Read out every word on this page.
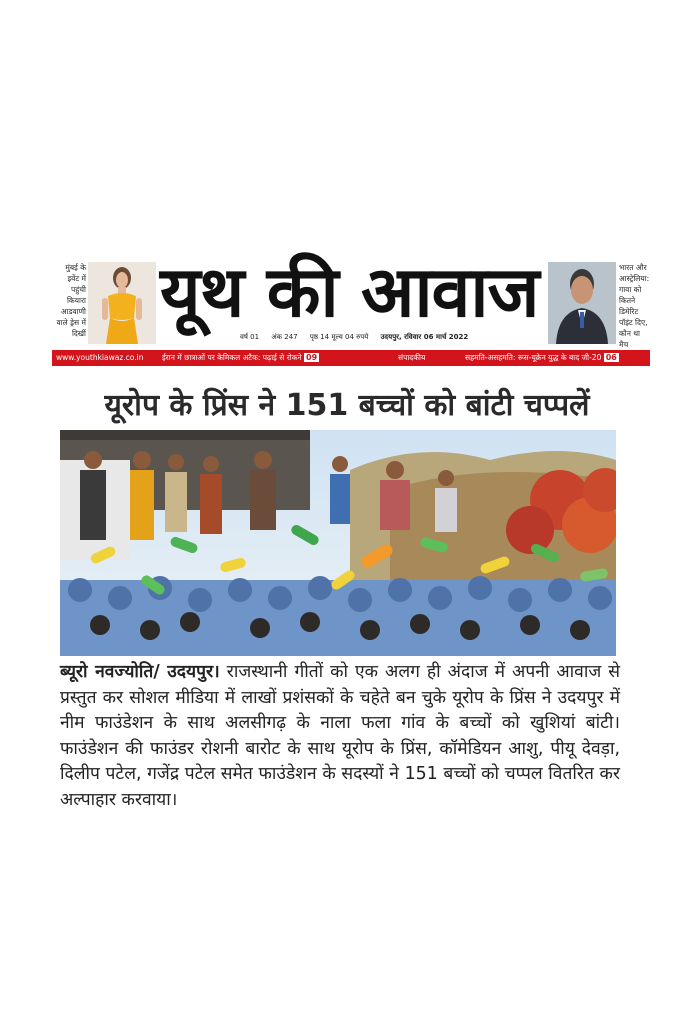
मुंबई के इवेंट में पहुंची कियारा आडवाणी वाले ड्रेस में दिखीं
यूथ की आवाज	भारत और आस्ट्रेलिया: गावा को कितने डिमेरिट पॉइंट दिए, कौन था मैच
वर्ष 01 अंक 247 पृष्ठ 14 मूल्य 04 रुपये उदयपुर, रविवार 06 मार्च 2022
www.youthkiawaz.co.in ईरान में छात्राओं पर केमिकल अटैक: पढ़ाई से रोकने 09	संपादकीय	सहमति-असहमति: रूस-यूक्रेन युद्ध के बाद जी-20 06
यूरोप के प्रिंस ने 151 बच्चों को बांटी चप्पलें
ब्यूरो नवज्योति/ उदयपुर। राजस्थानी गीतों को एक अलग ही अंदाज में अपनी आवाज से प्रस्तुत कर सोशल मीडिया में लाखों प्रशंसकों के चहेते बन चुके यूरोप के प्रिंस ने उदयपुर में नीम फाउंडेशन के साथ अलसीगढ़ के नाला फला गांव के बच्चों को खुशियां बांटी। फाउंडेशन की फाउंडर रोशनी बारोट के साथ यूरोप के प्रिंस, कॉमेडियन आशु, पीयू देवड़ा, दिलीप पटेल, गजेंद्र पटेल समेत फाउंडेशन के सदस्यों ने 151 बच्चों को चप्पल वितरित कर अल्पाहार करवाया।
